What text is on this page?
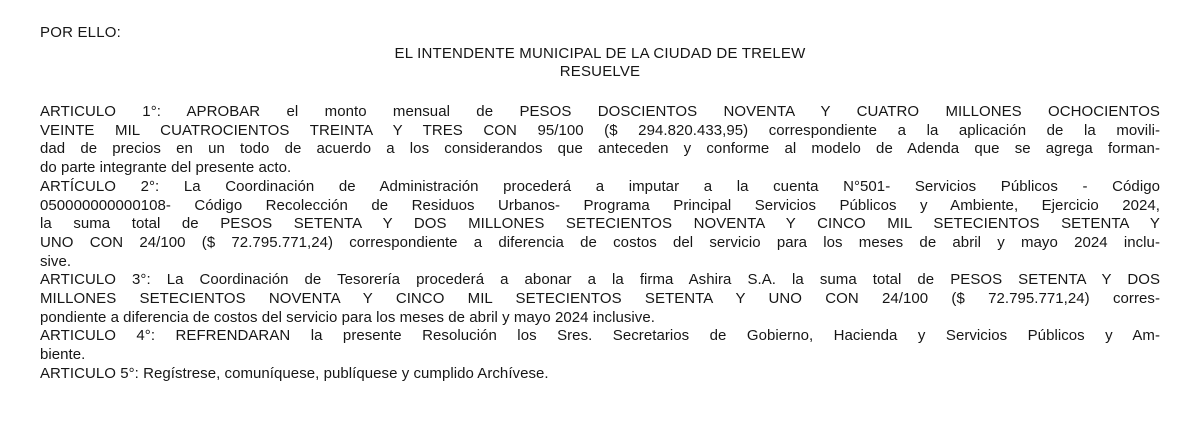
POR ELLO:
EL INTENDENTE MUNICIPAL DE LA CIUDAD DE TRELEW
RESUELVE
ARTICULO 1°: APROBAR el monto mensual de PESOS DOSCIENTOS NOVENTA Y CUATRO MILLONES OCHOCIENTOS
VEINTE MIL CUATROCIENTOS TREINTA Y TRES CON 95/100 ($ 294.820.433,95) correspondiente a la aplicación de la movili-
dad de precios en un todo de acuerdo a los considerandos que anteceden y conforme al modelo de Adenda que se agrega forman-
do parte integrante del presente acto.
ARTÍCULO 2°: La Coordinación de Administración procederá a imputar a la cuenta N°501- Servicios Públicos - Código
050000000000108- Código Recolección de Residuos Urbanos- Programa Principal Servicios Públicos y Ambiente, Ejercicio 2024,
la suma total de PESOS SETENTA Y DOS MILLONES SETECIENTOS NOVENTA Y CINCO MIL SETECIENTOS SETENTA Y
UNO CON 24/100 ($ 72.795.771,24) correspondiente a diferencia de costos del servicio para los meses de abril y mayo 2024 inclu-
sive.
ARTICULO 3°: La Coordinación de Tesorería procederá a abonar a la firma Ashira S.A. la suma total de PESOS SETENTA Y DOS
MILLONES SETECIENTOS NOVENTA Y CINCO MIL SETECIENTOS SETENTA Y UNO CON 24/100 ($ 72.795.771,24) corres-
pondiente a diferencia de costos del servicio para los meses de abril y mayo 2024 inclusive.
ARTICULO 4°: REFRENDARAN la presente Resolución los Sres. Secretarios de Gobierno, Hacienda y Servicios Públicos y Am-
biente.
ARTICULO 5°: Regístrese, comuníquese, publíquese y cumplido Archívese.
